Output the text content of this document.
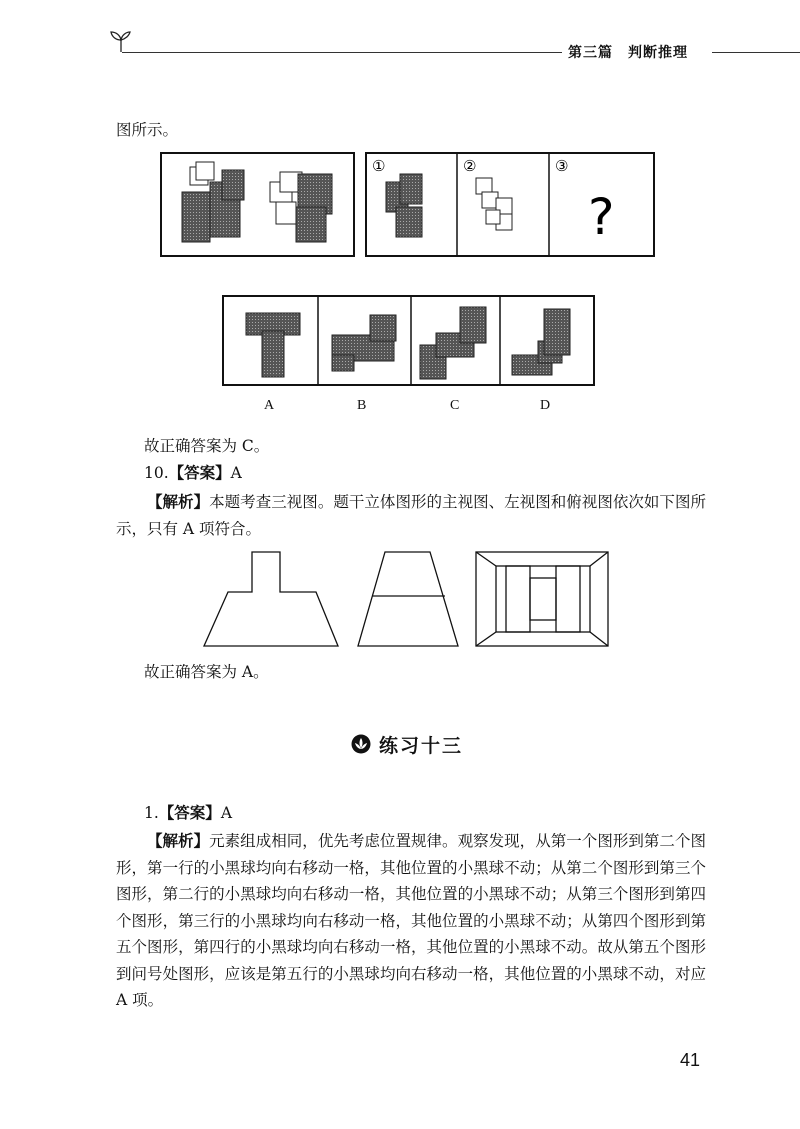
第三篇　判断推理
图所示。
①	②	③
?
A	B	C	D
故正确答案为 C。
10.【答案】A
【解析】本题考查三视图。题干立体图形的主视图、左视图和俯视图依次如下图所示，只有 A 项符合。
故正确答案为 A。
练习十三
1.【答案】A
【解析】元素组成相同，优先考虑位置规律。观察发现，从第一个图形到第二个图形，第一行的小黑球均向右移动一格，其他位置的小黑球不动；从第二个图形到第三个图形，第二行的小黑球均向右移动一格，其他位置的小黑球不动；从第三个图形到第四个图形，第三行的小黑球均向右移动一格，其他位置的小黑球不动；从第四个图形到第五个图形，第四行的小黑球均向右移动一格，其他位置的小黑球不动。故从第五个图形到问号处图形，应该是第五行的小黑球均向右移动一格，其他位置的小黑球不动，对应 A 项。
41
